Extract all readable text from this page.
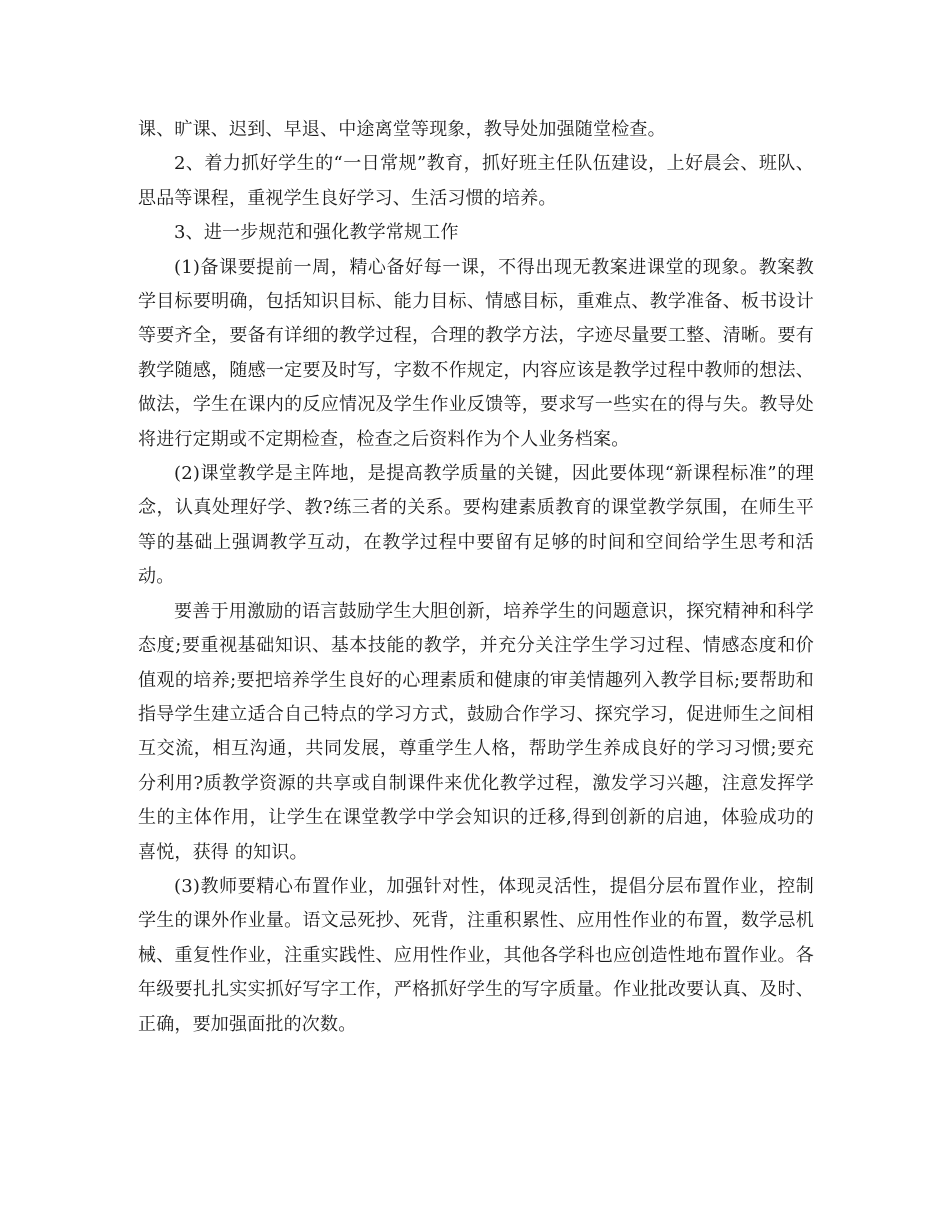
课、旷课、迟到、早退、中途离堂等现象，教导处加强随堂检查。

2、着力抓好学生的“一日常规”教育，抓好班主任队伍建设，上好晨会、班队、思品等课程，重视学生良好学习、生活习惯的培养。

3、进一步规范和强化教学常规工作

(1)备课要提前一周，精心备好每一课，不得出现无教案进课堂的现象。教案教学目标要明确，包括知识目标、能力目标、情感目标，重难点、教学准备、板书设计等要齐全，要备有详细的教学过程，合理的教学方法，字迹尽量要工整、清晰。要有教学随感，随感一定要及时写，字数不作规定，内容应该是教学过程中教师的想法、做法，学生在课内的反应情况及学生作业反馈等，要求写一些实在的得与失。教导处将进行定期或不定期检查，检查之后资料作为个人业务档案。

(2)课堂教学是主阵地，是提高教学质量的关键，因此要体现“新课程标准”的理念，认真处理好学、教?练三者的关系。要构建素质教育的课堂教学氛围，在师生平等的基础上强调教学互动，在教学过程中要留有足够的时间和空间给学生思考和活动。

要善于用激励的语言鼓励学生大胆创新，培养学生的问题意识，探究精神和科学态度;要重视基础知识、基本技能的教学，并充分关注学生学习过程、情感态度和价值观的培养;要把培养学生良好的心理素质和健康的审美情趣列入教学目标;要帮助和指导学生建立适合自己特点的学习方式，鼓励合作学习、探究学习，促进师生之间相互交流，相互沟通，共同发展，尊重学生人格，帮助学生养成良好的学习习惯;要充分利用?质教学资源的共享或自制课件来优化教学过程，激发学习兴趣，注意发挥学生的主体作用，让学生在课堂教学中学会知识的迁移,得到创新的启迪，体验成功的喜悦，获得 的知识。

(3)教师要精心布置作业，加强针对性，体现灵活性，提倡分层布置作业，控制学生的课外作业量。语文忌死抄、死背，注重积累性、应用性作业的布置，数学忌机械、重复性作业，注重实践性、应用性作业，其他各学科也应创造性地布置作业。各年级要扎扎实实抓好写字工作，严格抓好学生的写字质量。作业批改要认真、及时、正确，要加强面批的次数。
